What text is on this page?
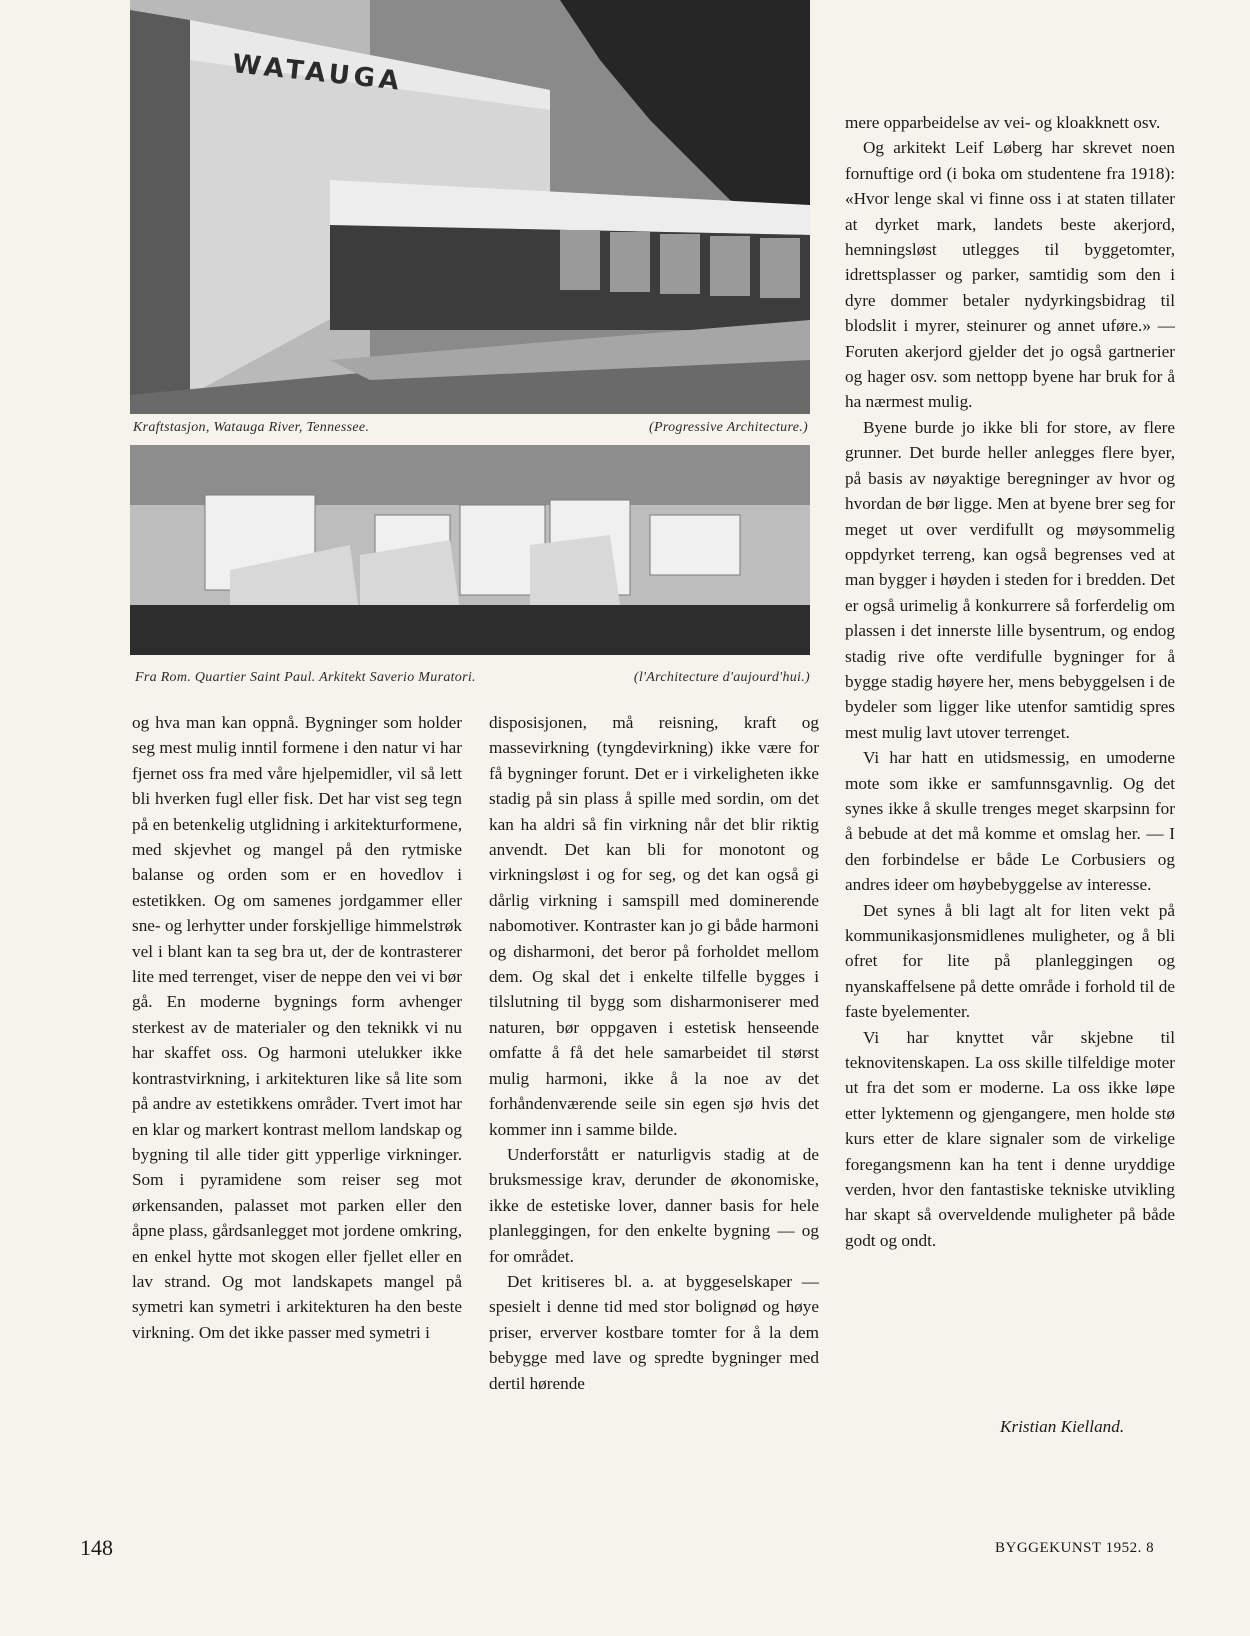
WATAUGA
Kraftstasjon, Watauga River, Tennessee.	(Progressive Architecture.)
Fra Rom. Quartier Saint Paul. Arkitekt Saverio Muratori.	(l'Architecture d'aujourd'hui.)

og hva man kan oppnå. Bygninger som holder seg mest mulig inntil formene i den natur vi har fjernet oss fra med våre hjelpemidler, vil så lett bli hverken fugl eller fisk. Det har vist seg tegn på en betenkelig utglidning i arkitekturformene, med skjevhet og mangel på den rytmiske balanse og orden som er en hovedlov i estetikken. Og om samenes jordgammer eller sne- og lerhytter under forskjellige himmelstrøk vel i blant kan ta seg bra ut, der de kontrasterer lite med terrenget, viser de neppe den vei vi bør gå. En moderne bygnings form avhenger sterkest av de materialer og den teknikk vi nu har skaffet oss. Og harmoni utelukker ikke kontrastvirkning, i arkitekturen like så lite som på andre av estetikkens områder. Tvert imot har en klar og markert kontrast mellom landskap og bygning til alle tider gitt ypperlige virkninger. Som i pyramidene som reiser seg mot ørkensanden, palasset mot parken eller den åpne plass, gårdsanlegget mot jordene omkring, en enkel hytte mot skogen eller fjellet eller en lav strand. Og mot landskapets mangel på symetri kan symetri i arkitekturen ha den beste virkning. Om det ikke passer med symetri i

disposisjonen, må reisning, kraft og massevirkning (tyngdevirkning) ikke være for få bygninger forunt. Det er i virkeligheten ikke stadig på sin plass å spille med sordin, om det kan ha aldri så fin virkning når det blir riktig anvendt. Det kan bli for monotont og virkningsløst i og for seg, og det kan også gi dårlig virkning i samspill med dominerende nabomotiver. Kontraster kan jo gi både harmoni og disharmoni, det beror på forholdet mellom dem. Og skal det i enkelte tilfelle bygges i tilslutning til bygg som disharmoniserer med naturen, bør oppgaven i estetisk henseende omfatte å få det hele samarbeidet til størst mulig harmoni, ikke å la noe av det forhåndenværende seile sin egen sjø hvis det kommer inn i samme bilde.

Underforstått er naturligvis stadig at de bruksmessige krav, derunder de økonomiske, ikke de estetiske lover, danner basis for hele planleggingen, for den enkelte bygning — og for området.

Det kritiseres bl. a. at byggeselskaper — spesielt i denne tid med stor bolignød og høye priser, erverver kostbare tomter for å la dem bebygge med lave og spredte bygninger med dertil hørende

mere opparbeidelse av vei- og kloakknett osv.

Og arkitekt Leif Løberg har skrevet noen fornuftige ord (i boka om studentene fra 1918): «Hvor lenge skal vi finne oss i at staten tillater at dyrket mark, landets beste akerjord, hemningsløst utlegges til byggetomter, idrettsplasser og parker, samtidig som den i dyre dommer betaler nydyrkingsbidrag til blodslit i myrer, steinurer og annet uføre.» — Foruten akerjord gjelder det jo også gartnerier og hager osv. som nettopp byene har bruk for å ha nærmest mulig.

Byene burde jo ikke bli for store, av flere grunner. Det burde heller anlegges flere byer, på basis av nøyaktige beregninger av hvor og hvordan de bør ligge. Men at byene brer seg for meget ut over verdifullt og møysommelig oppdyrket terreng, kan også begrenses ved at man bygger i høyden i steden for i bredden. Det er også urimelig å konkurrere så forferdelig om plassen i det innerste lille bysentrum, og endog stadig rive ofte verdifulle bygninger for å bygge stadig høyere her, mens bebyggelsen i de bydeler som ligger like utenfor samtidig spres mest mulig lavt utover terrenget.

Vi har hatt en utidsmessig, en umoderne mote som ikke er samfunnsgavnlig. Og det synes ikke å skulle trenges meget skarpsinn for å bebude at det må komme et omslag her. — I den forbindelse er både Le Corbusiers og andres ideer om høybebyggelse av interesse.

Det synes å bli lagt alt for liten vekt på kommunikasjonsmidlenes muligheter, og å bli ofret for lite på planleggingen og nyanskaffelsene på dette område i forhold til de faste byelementer.

Vi har knyttet vår skjebne til teknovitenskapen. La oss skille tilfeldige moter ut fra det som er moderne. La oss ikke løpe etter lyktemenn og gjengangere, men holde stø kurs etter de klare signaler som de virkelige foregangsmenn kan ha tent i denne uryddige verden, hvor den fantastiske tekniske utvikling har skapt så overveldende muligheter på både godt og ondt.

Kristian Kielland.
148	BYGGEKUNST 1952. 8
